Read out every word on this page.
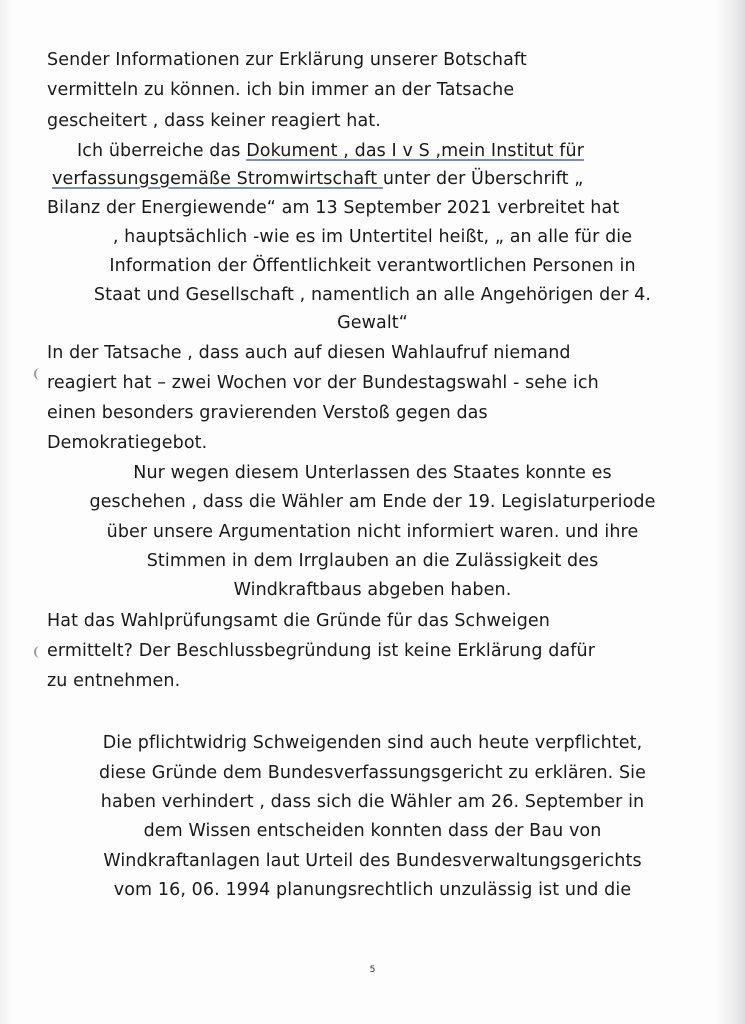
Sender Informationen zur Erklärung unserer Botschaft
vermitteln zu können. ich bin immer an der Tatsache
gescheitert , dass keiner reagiert hat.
Ich überreiche das Dokument , das I v S ,mein Institut für
verfassungsgemäße Stromwirtschaft unter der Überschrift „
Bilanz der Energiewende“ am 13 September 2021 verbreitet hat
, hauptsächlich -wie es im Untertitel heißt, „ an alle für die
Information der Öffentlichkeit verantwortlichen Personen in
Staat und Gesellschaft , namentlich an alle Angehörigen der 4.
Gewalt“
In der Tatsache , dass auch auf diesen Wahlaufruf niemand
reagiert hat – zwei Wochen vor der Bundestagswahl - sehe ich
einen besonders gravierenden Verstoß gegen das
Demokratiegebot.
Nur wegen diesem Unterlassen des Staates konnte es
geschehen , dass die Wähler am Ende der 19. Legislaturperiode
über unsere Argumentation nicht informiert waren. und ihre
Stimmen in dem Irrglauben an die Zulässigkeit des
Windkraftbaus abgeben haben.
Hat das Wahlprüfungsamt die Gründe für das Schweigen
ermittelt? Der Beschlussbegründung ist keine Erklärung dafür
zu entnehmen.
Die pflichtwidrig Schweigenden sind auch heute verpflichtet,
diese Gründe dem Bundesverfassungsgericht zu erklären. Sie
haben verhindert , dass sich die Wähler am 26. September in
dem Wissen entscheiden konnten dass der Bau von
Windkraftanlagen laut Urteil des Bundesverwaltungsgerichts
vom 16, 06. 1994 planungsrechtlich unzulässig ist und die
5
